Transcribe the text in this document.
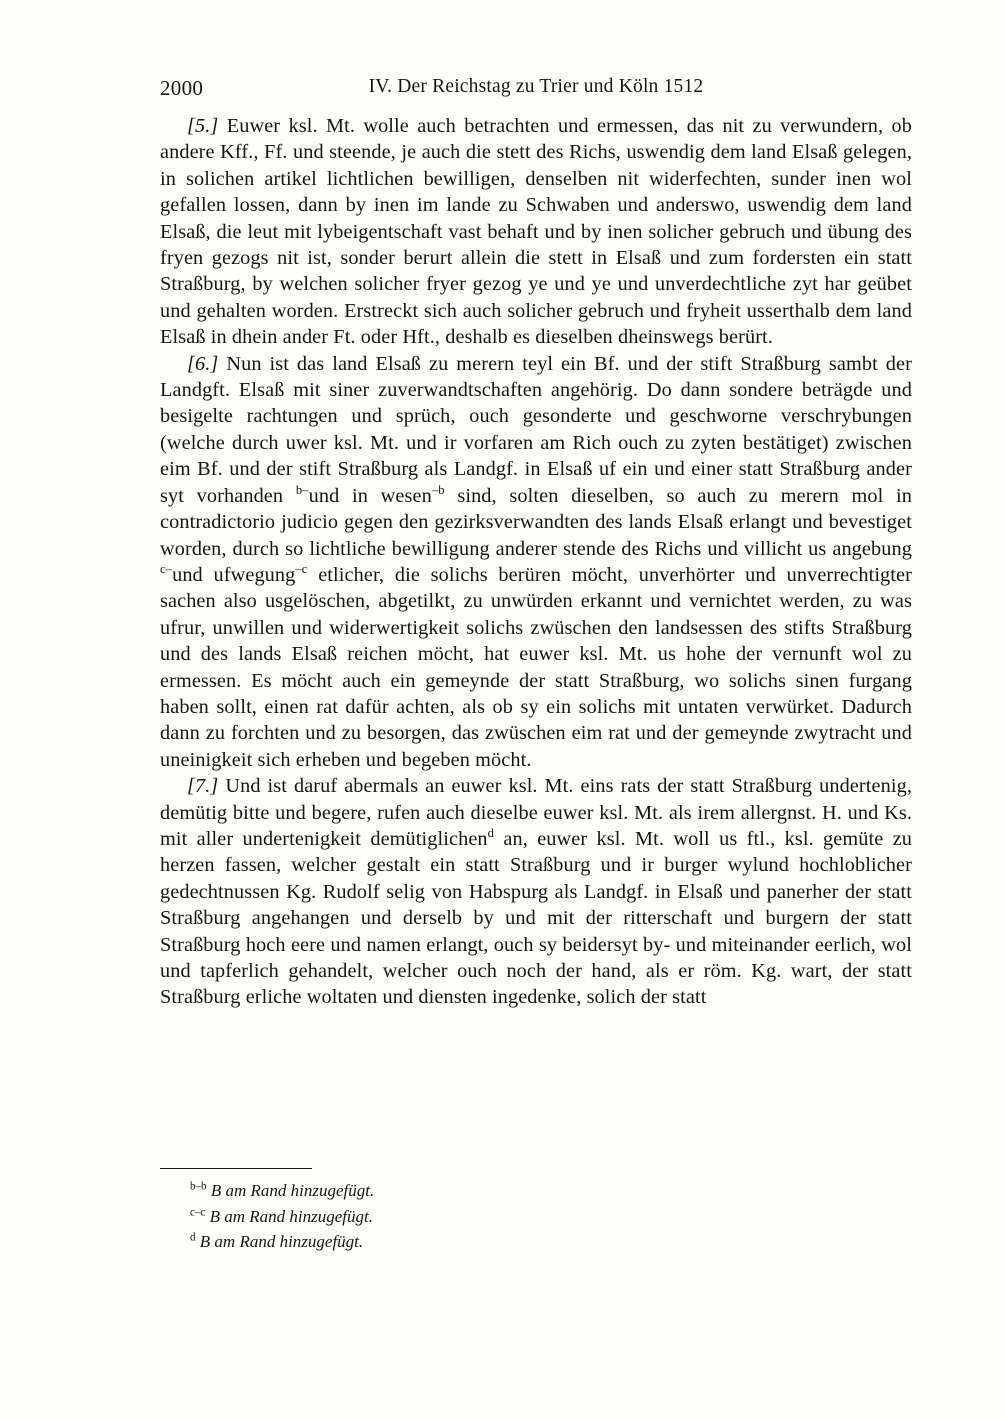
2000	IV. Der Reichstag zu Trier und Köln 1512

[5.] Euwer ksl. Mt. wolle auch betrachten und ermessen, das nit zu verwundern, ob andere Kff., Ff. und steende, je auch die stett des Richs, uswendig dem land Elsaß gelegen, in solichen artikel lichtlichen bewilligen, denselben nit widerfechten, sunder inen wol gefallen lossen, dann by inen im lande zu Schwaben und anderswo, uswendig dem land Elsaß, die leut mit lybeigentschaft vast behaft und by inen solicher gebruch und übung des fryen gezogs nit ist, sonder berurt allein die stett in Elsaß und zum fordersten ein statt Straßburg, by welchen solicher fryer gezog ye und ye und unverdechtliche zyt har geübet und gehalten worden. Erstreckt sich auch solicher gebruch und fryheit usserthalb dem land Elsaß in dhein ander Ft. oder Hft., deshalb es dieselben dheinswegs berürt.

[6.] Nun ist das land Elsaß zu merern teyl ein Bf. und der stift Straßburg sambt der Landgft. Elsaß mit siner zuverwandtschaften angehörig. Do dann sondere beträgde und besigelte rachtungen und sprüch, ouch gesonderte und geschworne verschrybungen (welche durch uwer ksl. Mt. und ir vorfaren am Rich ouch zu zyten bestätiget) zwischen eim Bf. und der stift Straßburg als Landgf. in Elsaß uf ein und einer statt Straßburg ander syt vorhanden $^{b-}$und in wesen$^{-b}$ sind, solten dieselben, so auch zu merern mol in contradictorio judicio gegen den gezirksverwandten des lands Elsaß erlangt und bevestiget worden, durch so lichtliche bewilligung anderer stende des Richs und villicht us angebung $^{c-}$und ufwegung$^{-c}$ etlicher, die solichs berüren möcht, unverhörter und unverrechtigter sachen also usgelöschen, abgetilkt, zu unwürden erkannt und vernichtet werden, zu was ufrur, unwillen und widerwertigkeit solichs zwüschen den landsessen des stifts Straßburg und des lands Elsaß reichen möcht, hat euwer ksl. Mt. us hohe der vernunft wol zu ermessen. Es möcht auch ein gemeynde der statt Straßburg, wo solichs sinen furgang haben sollt, einen rat dafür achten, als ob sy ein solichs mit untaten verwürket. Dadurch dann zu forchten und zu besorgen, das zwüschen eim rat und der gemeynde zwytracht und uneinigkeit sich erheben und begeben möcht.

[7.] Und ist daruf abermals an euwer ksl. Mt. eins rats der statt Straßburg undertenig, demütig bitte und begere, rufen auch dieselbe euwer ksl. Mt. als irem allergnst. H. und Ks. mit aller undertenigkeit demütiglichen$^d$ an, euwer ksl. Mt. woll us ftl., ksl. gemüte zu herzen fassen, welcher gestalt ein statt Straßburg und ir burger wylund hochloblicher gedechtnussen Kg. Rudolf selig von Habspurg als Landgf. in Elsaß und panerher der statt Straßburg angehangen und derselb by und mit der ritterschaft und burgern der statt Straßburg hoch eere und namen erlangt, ouch sy beidersyt by- und miteinander eerlich, wol und tapferlich gehandelt, welcher ouch noch der hand, als er röm. Kg. wart, der statt Straßburg erliche woltaten und diensten ingedenke, solich der statt

$^{b-b}$ B am Rand hinzugefügt.
$^{c-c}$ B am Rand hinzugefügt.
$^d$ B am Rand hinzugefügt.
